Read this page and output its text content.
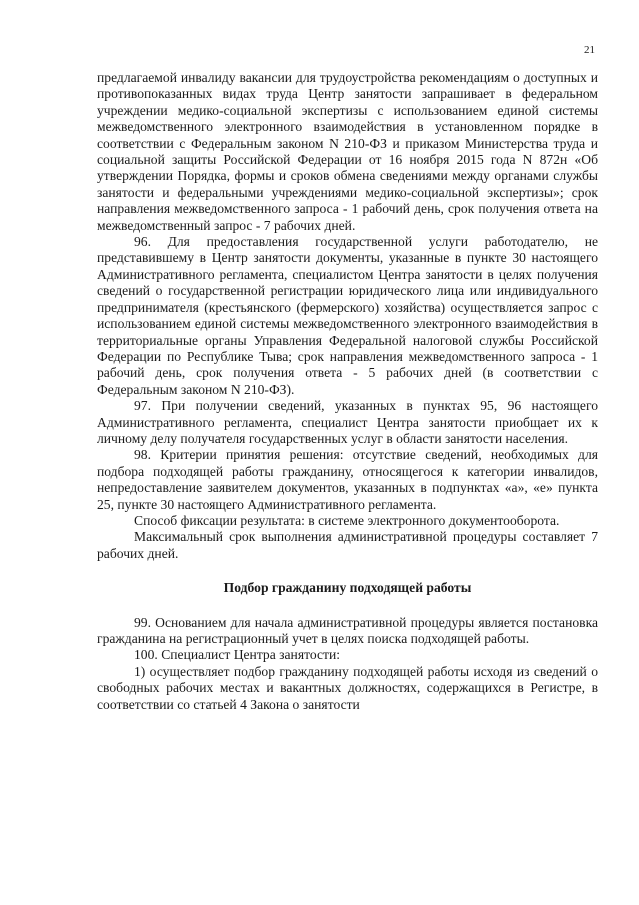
21

предлагаемой инвалиду вакансии для трудоустройства рекомендациям о доступных и противопоказанных видах труда Центр занятости запрашивает в федеральном учреждении медико-социальной экспертизы с использованием единой системы межведомственного электронного взаимодействия в установленном порядке в соответствии с Федеральным законом N 210-ФЗ и приказом Министерства труда и социальной защиты Российской Федерации от 16 ноября 2015 года N 872н «Об утверждении Порядка, формы и сроков обмена сведениями между органами службы занятости и федеральными учреждениями медико-социальной экспертизы»; срок направления межведомственного запроса - 1 рабочий день, срок получения ответа на межведомственный запрос - 7 рабочих дней.

96. Для предоставления государственной услуги работодателю, не представившему в Центр занятости документы, указанные в пункте 30 настоящего Административного регламента, специалистом Центра занятости в целях получения сведений о государственной регистрации юридического лица или индивидуального предпринимателя (крестьянского (фермерского) хозяйства) осуществляется запрос с использованием единой системы межведомственного электронного взаимодействия в территориальные органы Управления Федеральной налоговой службы Российской Федерации по Республике Тыва; срок направления межведомственного запроса - 1 рабочий день, срок получения ответа - 5 рабочих дней (в соответствии с Федеральным законом N 210-ФЗ).

97. При получении сведений, указанных в пунктах 95, 96 настоящего Административного регламента, специалист Центра занятости приобщает их к личному делу получателя государственных услуг в области занятости населения.

98. Критерии принятия решения: отсутствие сведений, необходимых для подбора подходящей работы гражданину, относящегося к категории инвалидов, непредоставление заявителем документов, указанных в подпунктах «а», «е» пункта 25, пункте 30 настоящего Административного регламента.

Способ фиксации результата: в системе электронного документооборота.

Максимальный срок выполнения административной процедуры составляет 7 рабочих дней.

Подбор гражданину подходящей работы

99. Основанием для начала административной процедуры является постановка гражданина на регистрационный учет в целях поиска подходящей работы.

100. Специалист Центра занятости:

1) осуществляет подбор гражданину подходящей работы исходя из сведений о свободных рабочих местах и вакантных должностях, содержащихся в Регистре, в соответствии со статьей 4 Закона о занятости
